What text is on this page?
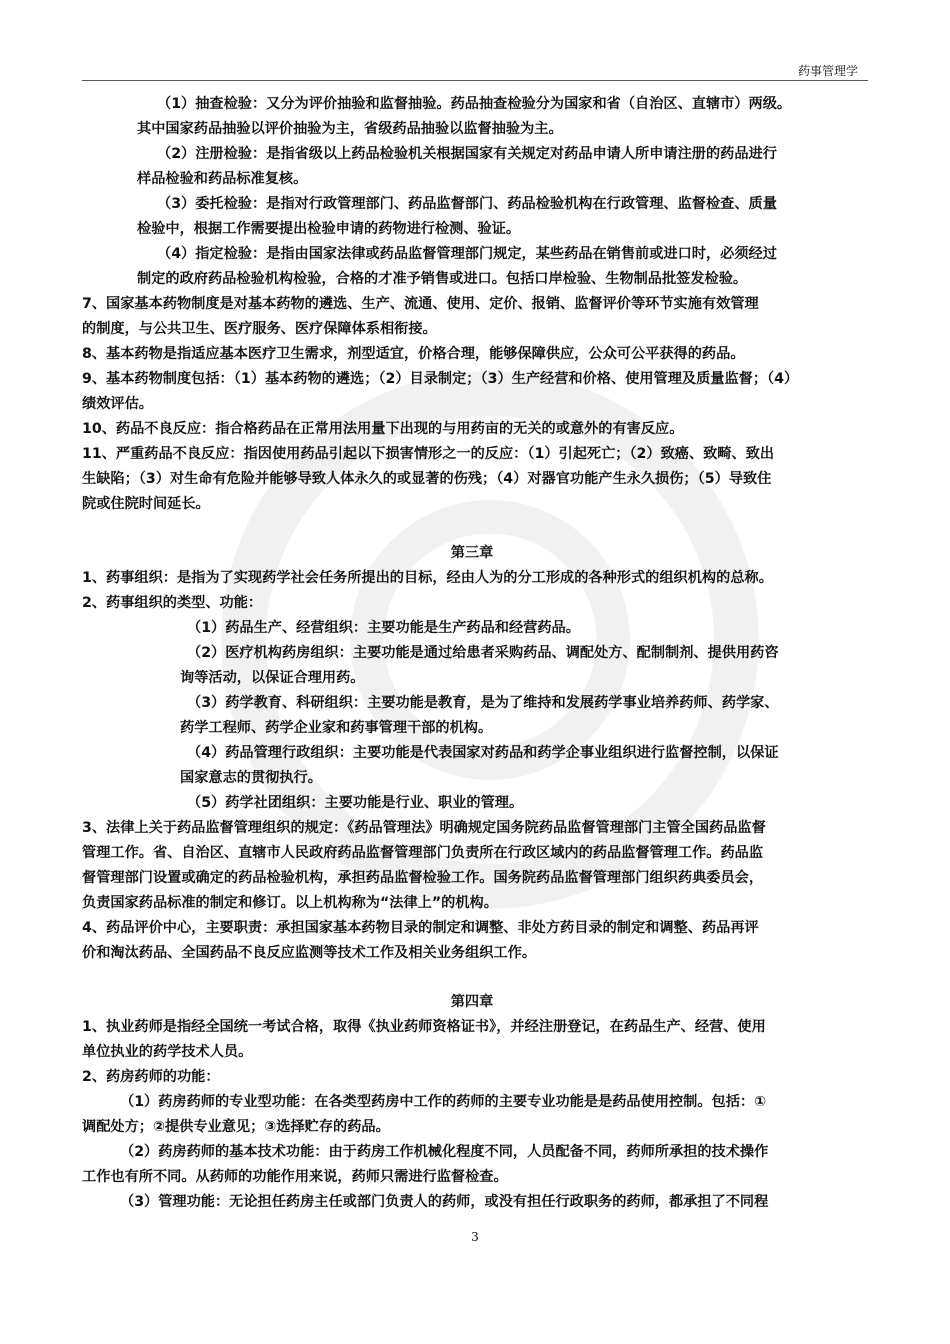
药事管理学

（1）抽查检验：又分为评价抽验和监督抽验。药品抽查检验分为国家和省（自治区、直辖市）两级。

其中国家药品抽验以评价抽验为主，省级药品抽验以监督抽验为主。

（2）注册检验：是指省级以上药品检验机关根据国家有关规定对药品申请人所申请注册的药品进行

样品检验和药品标准复核。

（3）委托检验：是指对行政管理部门、药品监督部门、药品检验机构在行政管理、监督检查、质量

检验中，根据工作需要提出检验申请的药物进行检测、验证。

（4）指定检验：是指由国家法律或药品监督管理部门规定，某些药品在销售前或进口时，必须经过

制定的政府药品检验机构检验，合格的才准予销售或进口。包括口岸检验、生物制品批签发检验。

7、国家基本药物制度是对基本药物的遴选、生产、流通、使用、定价、报销、监督评价等环节实施有效管理

的制度，与公共卫生、医疗服务、医疗保障体系相衔接。

8、基本药物是指适应基本医疗卫生需求，剂型适宜，价格合理，能够保障供应，公众可公平获得的药品。

9、基本药物制度包括：（1）基本药物的遴选；（2）目录制定；（3）生产经营和价格、使用管理及质量监督；（4）

绩效评估。

10、药品不良反应：指合格药品在正常用法用量下出现的与用药亩的无关的或意外的有害反应。

11、严重药品不良反应：指因使用药品引起以下损害情形之一的反应：（1）引起死亡；（2）致癌、致畸、致出

生缺陷；（3）对生命有危险并能够导致人体永久的或显著的伤残；（4）对器官功能产生永久损伤；（5）导致住

院或住院时间延长。

第三章

1、药事组织：是指为了实现药学社会任务所提出的目标，经由人为的分工形成的各种形式的组织机构的总称。

2、药事组织的类型、功能：

（1）药品生产、经营组织：主要功能是生产药品和经营药品。

（2）医疗机构药房组织：主要功能是通过给患者采购药品、调配处方、配制制剂、提供用药咨

询等活动，以保证合理用药。

（3）药学教育、科研组织：主要功能是教育，是为了维持和发展药学事业培养药师、药学家、

药学工程师、药学企业家和药事管理干部的机构。

（4）药品管理行政组织：主要功能是代表国家对药品和药学企事业组织进行监督控制，以保证

国家意志的贯彻执行。

（5）药学社团组织：主要功能是行业、职业的管理。

3、法律上关于药品监督管理组织的规定：《药品管理法》明确规定国务院药品监督管理部门主管全国药品监督

管理工作。省、自治区、直辖市人民政府药品监督管理部门负责所在行政区域内的药品监督管理工作。药品监

督管理部门设置或确定的药品检验机构，承担药品监督检验工作。国务院药品监督管理部门组织药典委员会，

负责国家药品标准的制定和修订。以上机构称为“法律上”的机构。

4、药品评价中心，主要职责：承担国家基本药物目录的制定和调整、非处方药目录的制定和调整、药品再评

价和淘汰药品、全国药品不良反应监测等技术工作及相关业务组织工作。

第四章

1、执业药师是指经全国统一考试合格，取得《执业药师资格证书》，并经注册登记，在药品生产、经营、使用

单位执业的药学技术人员。

2、药房药师的功能：

（1）药房药师的专业型功能：在各类型药房中工作的药师的主要专业功能是是药品使用控制。包括：①

调配处方；②提供专业意见；③选择贮存的药品。

（2）药房药师的基本技术功能：由于药房工作机械化程度不同，人员配备不同，药师所承担的技术操作

工作也有所不同。从药师的功能作用来说，药师只需进行监督检查。

（3）管理功能：无论担任药房主任或部门负责人的药师，或没有担任行政职务的药师，都承担了不同程

3
